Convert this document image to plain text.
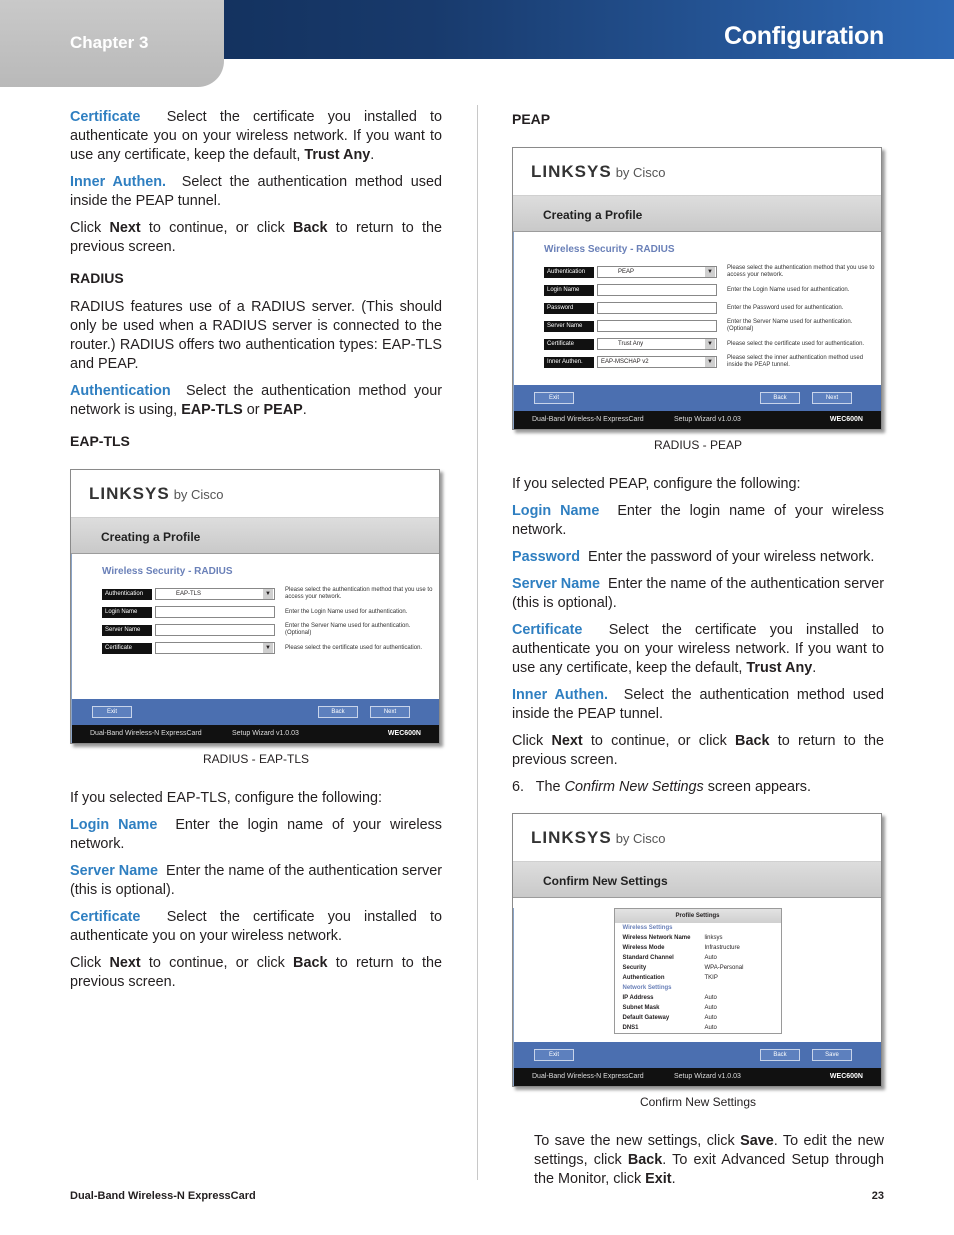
Chapter 3	Configuration

Certificate Select the certificate you installed to authenticate you on your wireless network. If you want to use any certificate, keep the default, Trust Any.

Inner Authen. Select the authentication method used inside the PEAP tunnel.

Click Next to continue, or click Back to return to the previous screen.

RADIUS

RADIUS features use of a RADIUS server. (This should only be used when a RADIUS server is connected to the router.) RADIUS offers two authentication types: EAP-TLS and PEAP.

Authentication Select the authentication method your network is using, EAP-TLS or PEAP.

EAP-TLS
LINKSYS by Cisco
Creating a Profile
Wireless Security - RADIUS
Authentication	EAP-TLS ▼
Please select the authentication method that you use to access your network.
Login Name	Enter the Login Name used for authentication.
Server Name
Enter the Server Name used for authentication. (Optional)
Certificate
▼	Please select the certificate used for authentication.
Exit	Back	Next
Dual-Band Wireless-N ExpressCard	Setup Wizard v1.0.03	WEC600N
RADIUS - EAP-TLS

If you selected EAP-TLS, configure the following:

Login Name Enter the login name of your wireless network.

Server Name Enter the name of the authentication server (this is optional).

Certificate Select the certificate you installed to authenticate you on your wireless network.

Click Next to continue, or click Back to return to the previous screen.

PEAP
LINKSYS by Cisco
Creating a Profile
Wireless Security - RADIUS
Authentication	PEAP ▼
Please select the authentication method that you use to access your network.
Login Name	Enter the Login Name used for authentication.
Password	Enter the Password used for authentication.
Server Name
Enter the Server Name used for authentication. (Optional)
Certificate	Trust Any ▼	Please select the certificate used for authentication.
Inner Authen.	EAP-MSCHAP v2 ▼
Please select the inner authentication method used inside the PEAP tunnel.
Exit	Back	Next
Dual-Band Wireless-N ExpressCard	Setup Wizard v1.0.03	WEC600N
RADIUS - PEAP

If you selected PEAP, configure the following:

Login Name Enter the login name of your wireless network.

Password Enter the password of your wireless network.

Server Name Enter the name of the authentication server (this is optional).

Certificate Select the certificate you installed to authenticate you on your wireless network. If you want to use any certificate, keep the default, Trust Any.

Inner Authen. Select the authentication method used inside the PEAP tunnel.

Click Next to continue, or click Back to return to the previous screen.

6. The Confirm New Settings screen appears.

LINKSYS by Cisco
Confirm New Settings
Profile Settings
Wireless Settings
Wireless Network Name	linksys
Wireless Mode	Infrastructure
Standard Channel	Auto
Security	WPA-Personal
Authentication	TKIP
Network Settings
IP Address	Auto
Subnet Mask	Auto
Default Gateway	Auto
DNS1	Auto
Exit	Back	Save
Dual-Band Wireless-N ExpressCard	Setup Wizard v1.0.03	WEC600N
Confirm New Settings

To save the new settings, click Save. To edit the new settings, click Back. To exit Advanced Setup through the Monitor, click Exit.

Dual-Band Wireless-N ExpressCard	23
